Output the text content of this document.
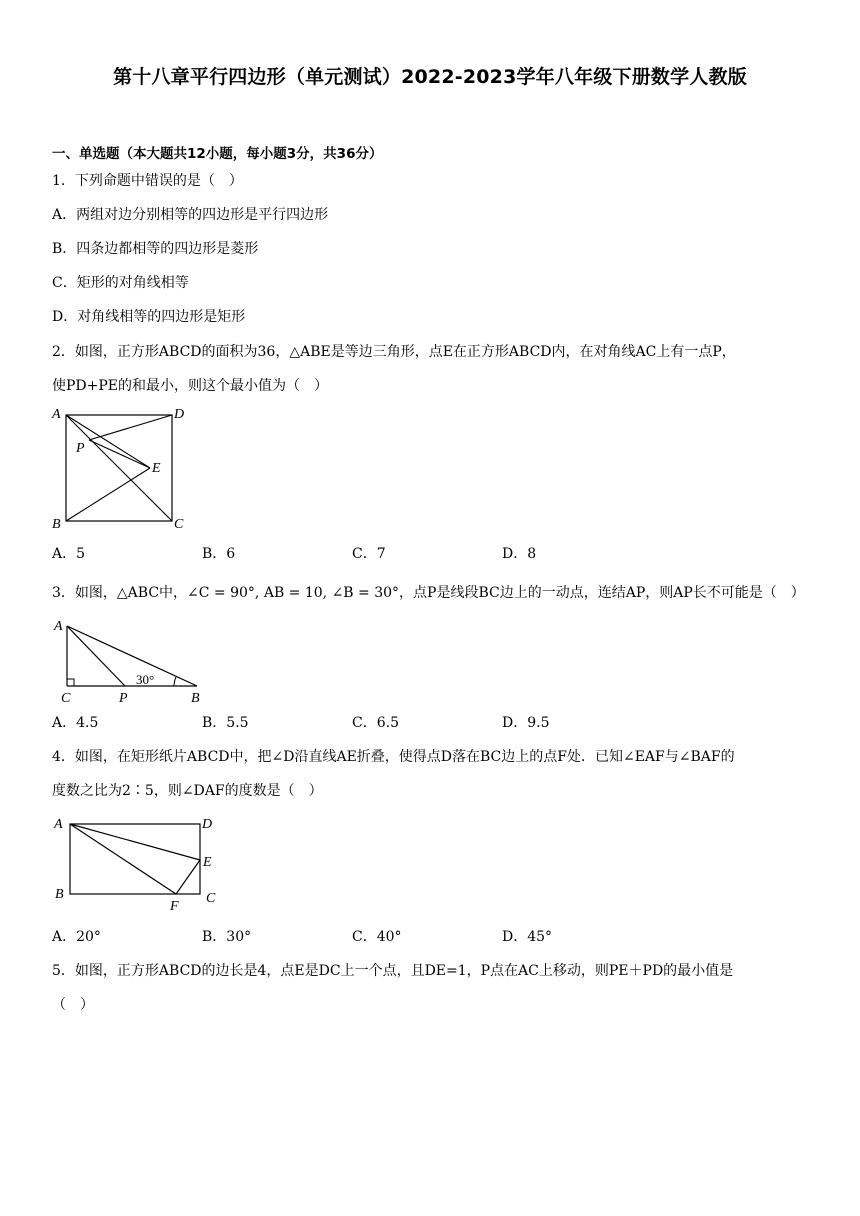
第十八章平行四边形（单元测试）2022-2023学年八年级下册数学人教版
一、单选题（本大题共12小题，每小题3分，共36分）
1．下列命题中错误的是（　）
A．两组对边分别相等的四边形是平行四边形
B．四条边都相等的四边形是菱形
C．矩形的对角线相等
D．对角线相等的四边形是矩形
2．如图，正方形ABCD的面积为36，△ABE是等边三角形，点E在正方形ABCD内，在对角线AC上有一点P，
使PD+PE的和最小，则这个最小值为（　）
A	D
B	C
P
E
A．5	B．6	C．7	D．8
3．如图，△ABC中，∠C = 90°, AB = 10, ∠B = 30°，点P是线段BC边上的一动点，连结AP，则AP长不可能是（　）
A
C	P	B
30°
A．4.5	B．5.5	C．6.5	D．9.5
4．如图，在矩形纸片ABCD中，把∠D沿直线AE折叠，使得点D落在BC边上的点F处．已知∠EAF与∠BAF的
度数之比为2∶5，则∠DAF的度数是（　）
A	D
E
B	C
F
A．20°	B．30°	C．40°	D．45°
5．如图，正方形ABCD的边长是4，点E是DC上一个点，且DE=1，P点在AC上移动，则PE＋PD的最小值是
（　）
